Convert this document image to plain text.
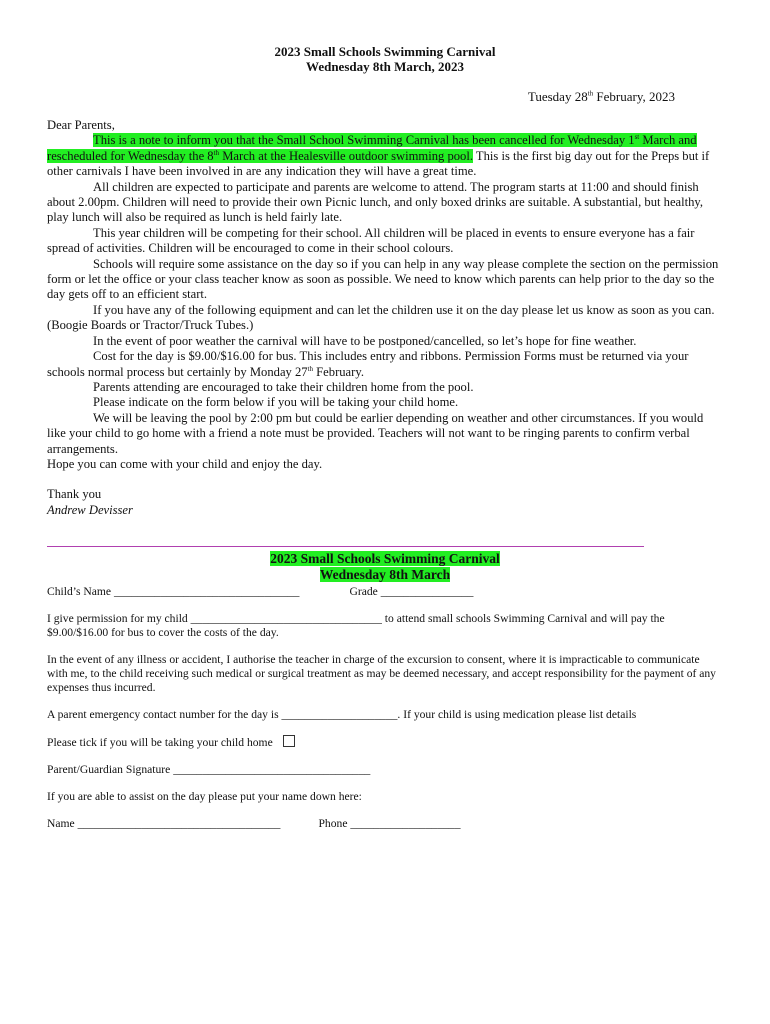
2023 Small Schools Swimming Carnival
Wednesday 8th March, 2023
Tuesday 28th February, 2023

Dear Parents,

This is a note to inform you that the Small School Swimming Carnival has been cancelled for Wednesday 1st March and rescheduled for Wednesday the 8th March at the Healesville outdoor swimming pool. This is the first big day out for the Preps but if other carnivals I have been involved in are any indication they will have a great time.

All children are expected to participate and parents are welcome to attend. The program starts at 11:00 and should finish about 2.00pm. Children will need to provide their own Picnic lunch, and only boxed drinks are suitable. A substantial, but healthy, play lunch will also be required as lunch is held fairly late.

This year children will be competing for their school. All children will be placed in events to ensure everyone has a fair spread of activities. Children will be encouraged to come in their school colours.

Schools will require some assistance on the day so if you can help in any way please complete the section on the permission form or let the office or your class teacher know as soon as possible. We need to know which parents can help prior to the day so the day gets off to an efficient start.

If you have any of the following equipment and can let the children use it on the day please let us know as soon as you can. (Boogie Boards or Tractor/Truck Tubes.)

In the event of poor weather the carnival will have to be postponed/cancelled, so let’s hope for fine weather.

Cost for the day is $9.00/$16.00 for bus. This includes entry and ribbons. Permission Forms must be returned via your schools normal process but certainly by Monday 27th February.

Parents attending are encouraged to take their children home from the pool.

Please indicate on the form below if you will be taking your child home.

We will be leaving the pool by 2:00 pm but could be earlier depending on weather and other circumstances. If you would like your child to go home with a friend a note must be provided. Teachers will not want to be ringing parents to confirm verbal arrangements.

Hope you can come with your child and enjoy the day.

Thank you
Andrew Devisser
2023 Small Schools Swimming Carnival
Wednesday 8th March
Child’s Name ________________________________	Grade ________________

I give permission for my child _________________________________ to attend small schools Swimming Carnival and will pay the $9.00/$16.00 for bus to cover the costs of the day.

In the event of any illness or accident, I authorise the teacher in charge of the excursion to consent, where it is impracticable to communicate with me, to the child receiving such medical or surgical treatment as may be deemed necessary, and accept responsibility for the payment of any expenses thus incurred.

A parent emergency contact number for the day is ____________________. If your child is using medication please list details

Please tick if you will be taking your child home

Parent/Guardian Signature __________________________________

If you are able to assist on the day please put your name down here:

Name ___________________________________	Phone ___________________
